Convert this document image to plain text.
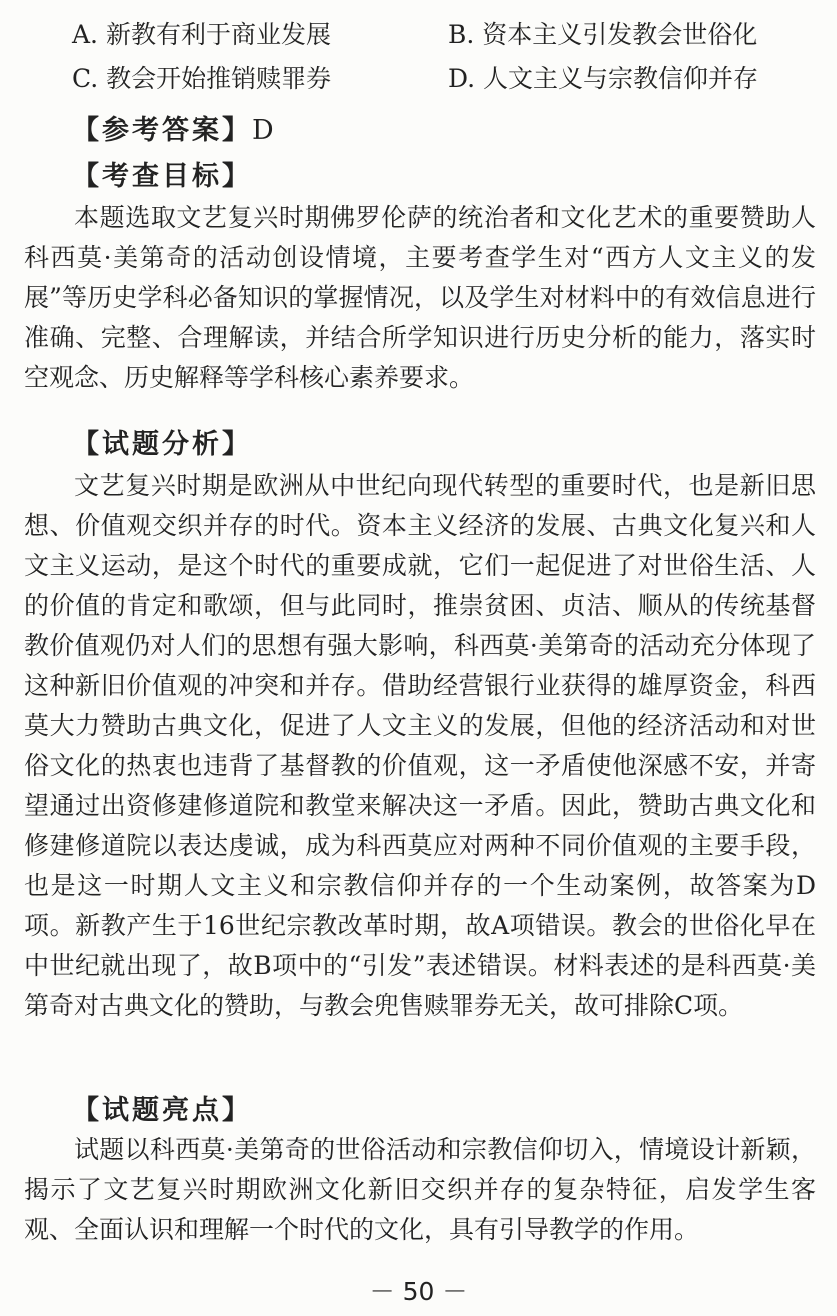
A. 新教有利于商业发展	B. 资本主义引发教会世俗化
C. 教会开始推销赎罪券	D. 人文主义与宗教信仰并存
【参考答案】D
【考查目标】

本题选取文艺复兴时期佛罗伦萨的统治者和文化艺术的重要赞助人科西莫·美第奇的活动创设情境，主要考查学生对“西方人文主义的发展”等历史学科必备知识的掌握情况，以及学生对材料中的有效信息进行准确、完整、合理解读，并结合所学知识进行历史分析的能力，落实时空观念、历史解释等学科核心素养要求。

【试题分析】

文艺复兴时期是欧洲从中世纪向现代转型的重要时代，也是新旧思想、价值观交织并存的时代。资本主义经济的发展、古典文化复兴和人文主义运动，是这个时代的重要成就，它们一起促进了对世俗生活、人的价值的肯定和歌颂，但与此同时，推崇贫困、贞洁、顺从的传统基督教价值观仍对人们的思想有强大影响，科西莫·美第奇的活动充分体现了这种新旧价值观的冲突和并存。借助经营银行业获得的雄厚资金，科西莫大力赞助古典文化，促进了人文主义的发展，但他的经济活动和对世俗文化的热衷也违背了基督教的价值观，这一矛盾使他深感不安，并寄望通过出资修建修道院和教堂来解决这一矛盾。因此，赞助古典文化和修建修道院以表达虔诚，成为科西莫应对两种不同价值观的主要手段，也是这一时期人文主义和宗教信仰并存的一个生动案例，故答案为D项。新教产生于16世纪宗教改革时期，故A项错误。教会的世俗化早在中世纪就出现了，故B项中的“引发”表述错误。材料表述的是科西莫·美第奇对古典文化的赞助，与教会兜售赎罪券无关，故可排除C项。

【试题亮点】

试题以科西莫·美第奇的世俗活动和宗教信仰切入，情境设计新颖，揭示了文艺复兴时期欧洲文化新旧交织并存的复杂特征，启发学生客观、全面认识和理解一个时代的文化，具有引导教学的作用。

－ 50 －
